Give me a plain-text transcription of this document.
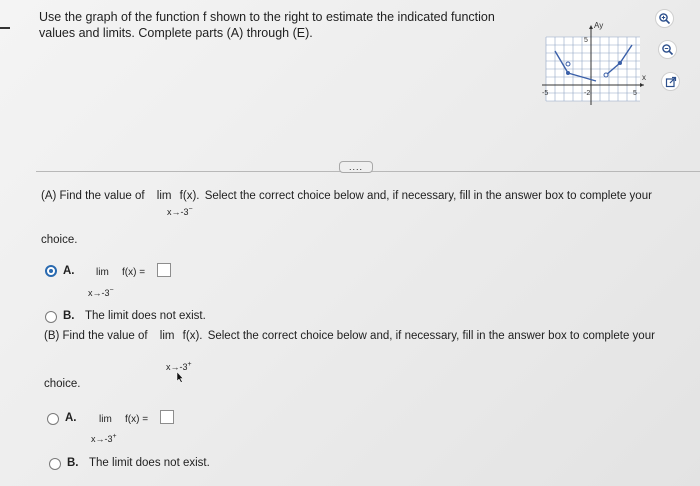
Use the graph of the function f shown to the right to estimate the indicated function
values and limits. Complete parts (A) through (E).
Ay
x
5
-5	-2	5
....
(A) Find the value of lim f(x). Select the correct choice below and, if necessary, fill in the answer box to complete your
x→-3−
choice.
A. lim f(x) =
x→-3−
B. The limit does not exist.
(B) Find the value of lim f(x). Select the correct choice below and, if necessary, fill in the answer box to complete your
x→-3+
choice.
A. lim f(x) =
x→-3+
B. The limit does not exist.
